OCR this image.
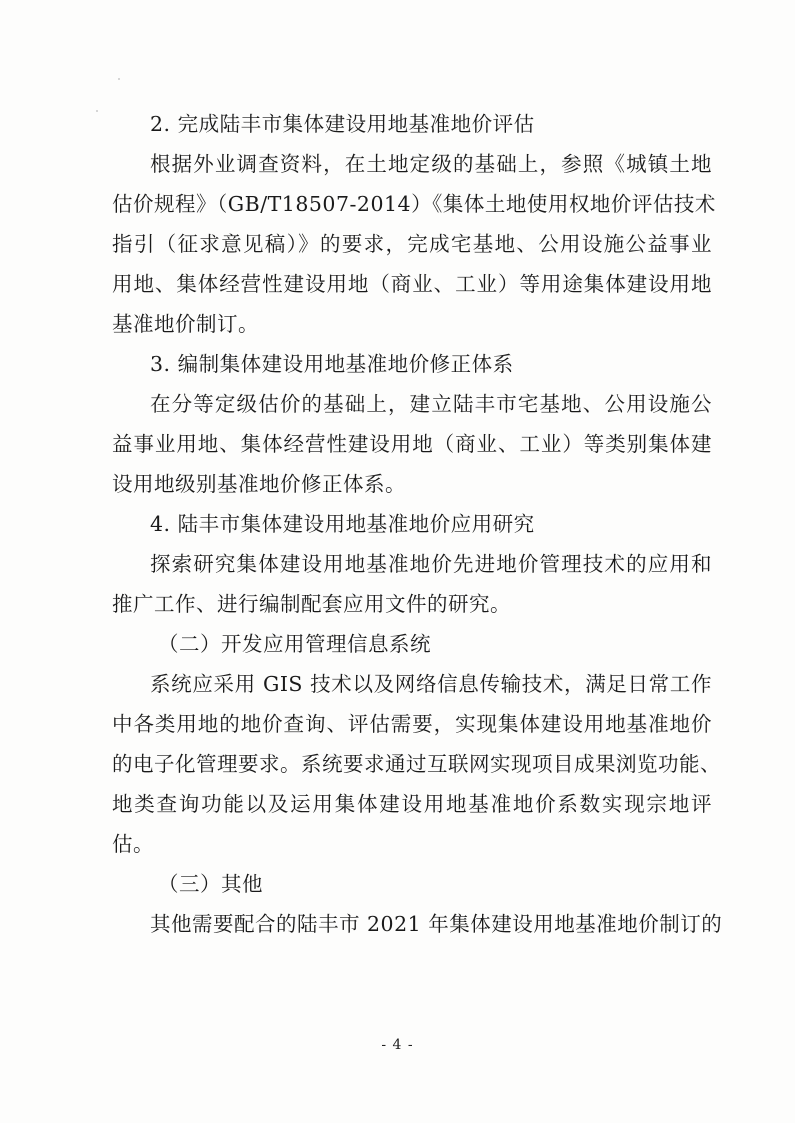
2. 完成陆丰市集体建设用地基准地价评估
根据外业调查资料，在土地定级的基础上，参照《城镇土地
估价规程》（GB/T18507-2014）《集体土地使用权地价评估技术
指引（征求意见稿）》的要求，完成宅基地、公用设施公益事业
用地、集体经营性建设用地（商业、工业）等用途集体建设用地
基准地价制订。
3. 编制集体建设用地基准地价修正体系
在分等定级估价的基础上，建立陆丰市宅基地、公用设施公
益事业用地、集体经营性建设用地（商业、工业）等类别集体建
设用地级别基准地价修正体系。
4. 陆丰市集体建设用地基准地价应用研究
探索研究集体建设用地基准地价先进地价管理技术的应用和
推广工作、进行编制配套应用文件的研究。
（二）开发应用管理信息系统
系统应采用 GIS 技术以及网络信息传输技术，满足日常工作
中各类用地的地价查询、评估需要，实现集体建设用地基准地价
的电子化管理要求。系统要求通过互联网实现项目成果浏览功能、
地类查询功能以及运用集体建设用地基准地价系数实现宗地评
估。
（三）其他
其他需要配合的陆丰市 2021 年集体建设用地基准地价制订的
- 4 -
